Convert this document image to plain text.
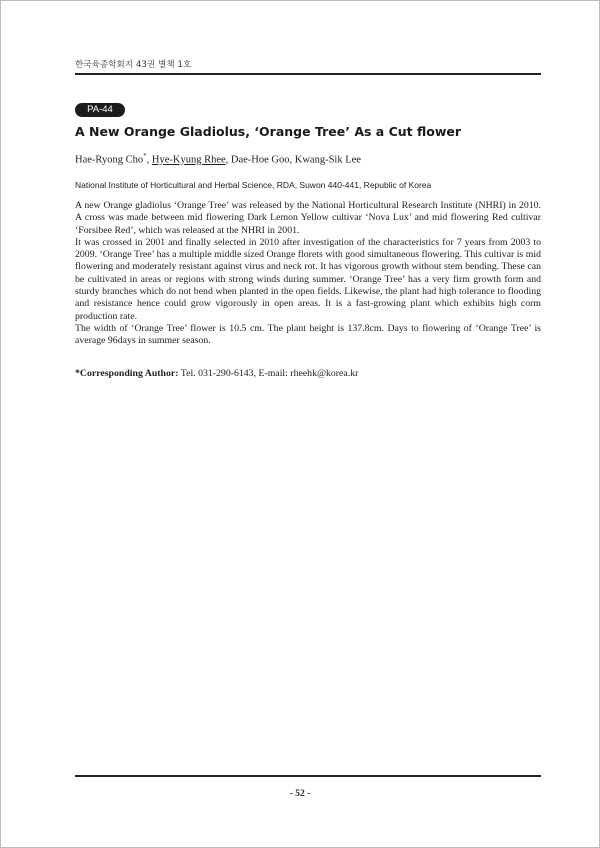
한국육종학회지 43권 별책 1호
PA-44
A New Orange Gladiolus, ‘Orange Tree’ As a Cut flower
Hae-Ryong Cho*, Hye-Kyung Rhee, Dae-Hoe Goo, Kwang-Sik Lee
National Institute of Horticultural and Herbal Science, RDA, Suwon 440-441, Republic of Korea

A new Orange gladiolus ‘Orange Tree’ was released by the National Horticultural Research Institute (NHRI) in 2010. A cross was made between mid flowering Dark Lemon Yellow cultivar ‘Nova Lux’ and mid flowering Red cultivar ‘Forsibee Red’, which was released at the NHRI in 2001.

It was crossed in 2001 and finally selected in 2010 after investigation of the characteristics for 7 years from 2003 to 2009. ‘Orange Tree’ has a multiple middle sized Orange florets with good simultaneous flowering. This cultivar is mid flowering and moderately resistant against virus and neck rot. It has vigorous growth without stem bending. These can be cultivated in areas or regions with strong winds during summer. ‘Orange Tree’ has a very firm growth form and sturdy branches which do not bend when planted in the open fields. Likewise, the plant had high tolerance to flooding and resistance hence could grow vigorously in open areas. It is a fast-growing plant which exhibits high corm production rate.

The width of ‘Orange Tree’ flower is 10.5 cm. The plant height is 137.8cm. Days to flowering of ‘Orange Tree’ is average 96days in summer season.

*Corresponding Author: Tel. 031-290-6143, E-mail: rheehk@korea.kr
- 52 -
